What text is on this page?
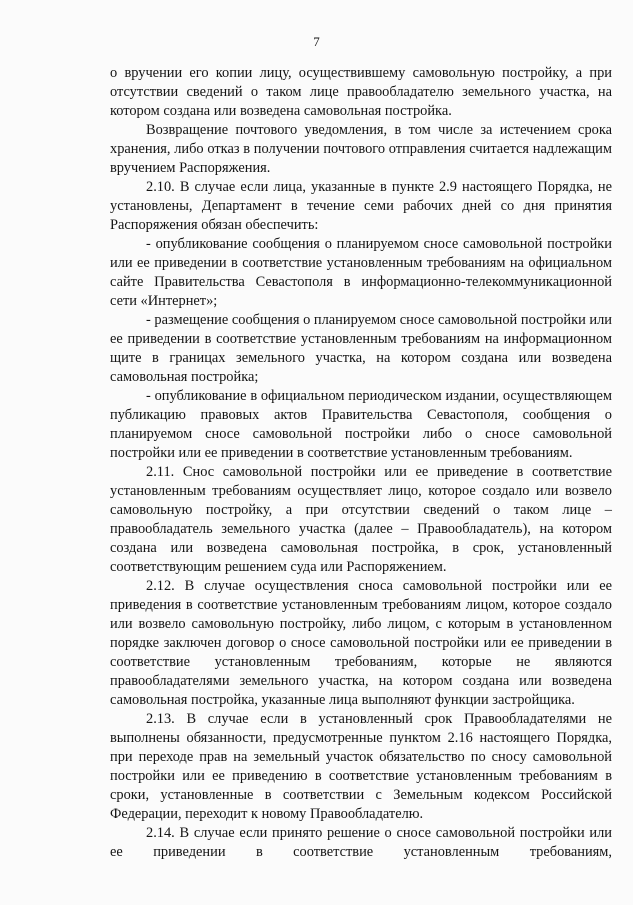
7

о вручении его копии лицу, осуществившему самовольную постройку, а при отсутствии сведений о таком лице правообладателю земельного участка, на котором создана или возведена самовольная постройка.

Возвращение почтового уведомления, в том числе за истечением срока хранения, либо отказ в получении почтового отправления считается надлежащим вручением Распоряжения.

2.10. В случае если лица, указанные в пункте 2.9 настоящего Порядка, не установлены, Департамент в течение семи рабочих дней со дня принятия Распоряжения обязан обеспечить:

- опубликование сообщения о планируемом сносе самовольной постройки или ее приведении в соответствие установленным требованиям на официальном сайте Правительства Севастополя в информационно-телекоммуникационной сети «Интернет»;

- размещение сообщения о планируемом сносе самовольной постройки или ее приведении в соответствие установленным требованиям на информационном щите в границах земельного участка, на котором создана или возведена самовольная постройка;

- опубликование в официальном периодическом издании, осуществляющем публикацию правовых актов Правительства Севастополя, сообщения о планируемом сносе самовольной постройки либо о сносе самовольной постройки или ее приведении в соответствие установленным требованиям.

2.11. Снос самовольной постройки или ее приведение в соответствие установленным требованиям осуществляет лицо, которое создало или возвело самовольную постройку, а при отсутствии сведений о таком лице – правообладатель земельного участка (далее – Правообладатель), на котором создана или возведена самовольная постройка, в срок, установленный соответствующим решением суда или Распоряжением.

2.12. В случае осуществления сноса самовольной постройки или ее приведения в соответствие установленным требованиям лицом, которое создало или возвело самовольную постройку, либо лицом, с которым в установленном порядке заключен договор о сносе самовольной постройки или ее приведении в соответствие установленным требованиям, которые не являются правообладателями земельного участка, на котором создана или возведена самовольная постройка, указанные лица выполняют функции застройщика.

2.13. В случае если в установленный срок Правообладателями не выполнены обязанности, предусмотренные пунктом 2.16 настоящего Порядка, при переходе прав на земельный участок обязательство по сносу самовольной постройки или ее приведению в соответствие установленным требованиям в сроки, установленные в соответствии с Земельным кодексом Российской Федерации, переходит к новому Правообладателю.

2.14. В случае если принято решение о сносе самовольной постройки или ее приведении в соответствие установленным требованиям,
